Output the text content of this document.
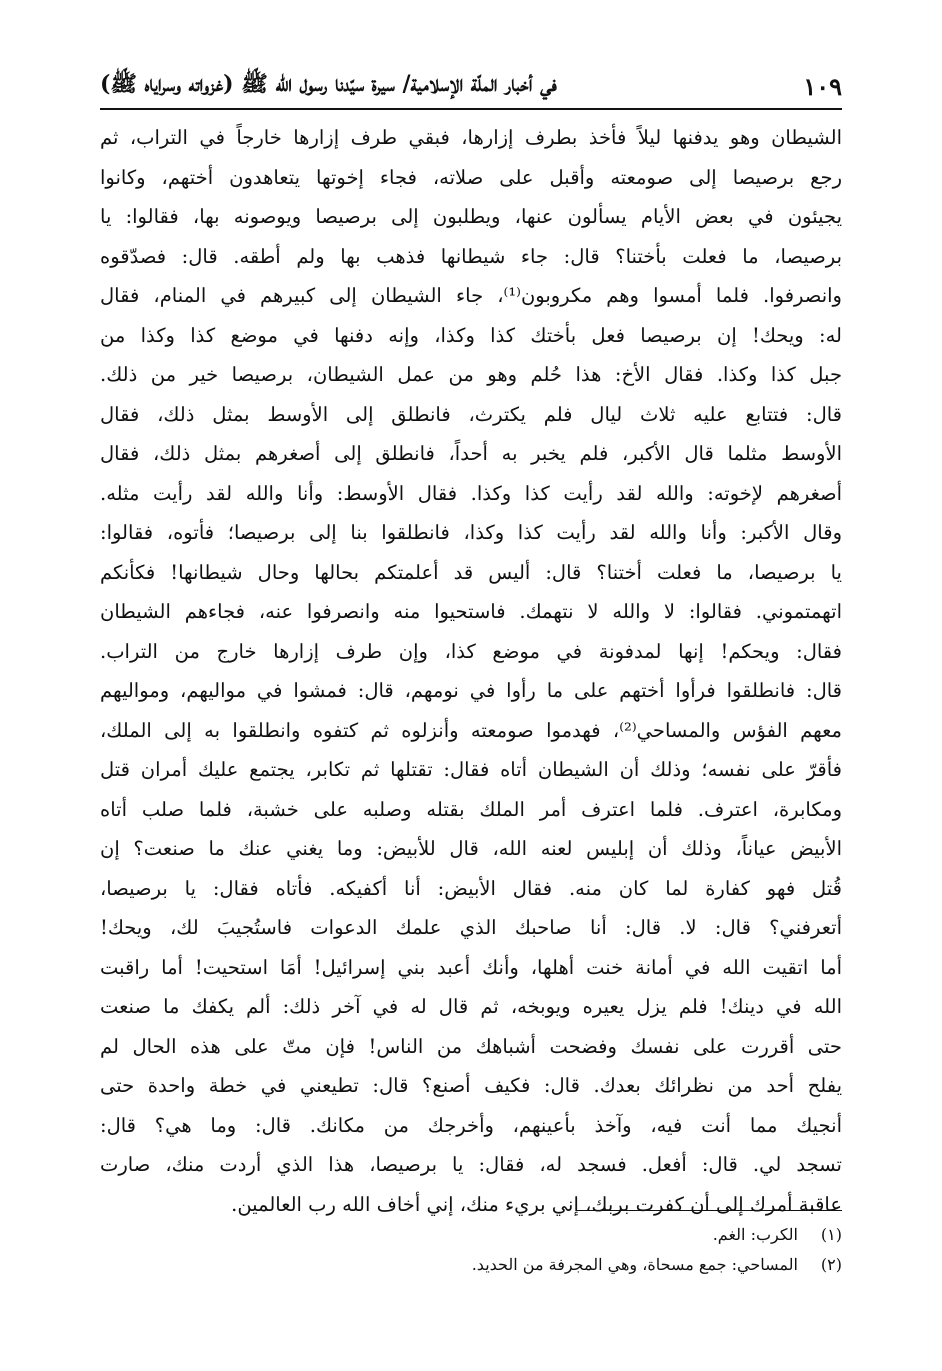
في أخبار الملّة الإسلامية/ سيرة سيّدنا رسول الله ﷺ (غزواته وسراياه ﷺ)	١٠٩
الشيطان وهو يدفنها ليلاً فأخذ بطرف إزارها، فبقي طرف إزارها خارجاً في التراب، ثم
رجع برصيصا إلى صومعته وأقبل على صلاته، فجاء إخوتها يتعاهدون أختهم، وكانوا
يجيئون في بعض الأيام يسألون عنها، ويطلبون إلى برصيصا ويوصونه بها، فقالوا: يا
برصيصا، ما فعلت بأختنا؟ قال: جاء شيطانها فذهب بها ولم أطقه. قال: فصدّقوه
وانصرفوا. فلما أمسوا وهم مكروبون⁽¹⁾، جاء الشيطان إلى كبيرهم في المنام، فقال
له: ويحك! إن برصيصا فعل بأختك كذا وكذا، وإنه دفنها في موضع كذا وكذا من
جبل كذا وكذا. فقال الأخ: هذا حُلم وهو من عمل الشيطان، برصيصا خير من ذلك.
قال: فتتابع عليه ثلاث ليال فلم يكترث، فانطلق إلى الأوسط بمثل ذلك، فقال
الأوسط مثلما قال الأكبر، فلم يخبر به أحداً، فانطلق إلى أصغرهم بمثل ذلك، فقال
أصغرهم لإخوته: والله لقد رأيت كذا وكذا. فقال الأوسط: وأنا والله لقد رأيت مثله.
وقال الأكبر: وأنا والله لقد رأيت كذا وكذا، فانطلقوا بنا إلى برصيصا؛ فأتوه، فقالوا:
يا برصيصا، ما فعلت أختنا؟ قال: أليس قد أعلمتكم بحالها وحال شيطانها! فكأنكم
اتهمتموني. فقالوا: لا والله لا نتهمك. فاستحيوا منه وانصرفوا عنه، فجاءهم الشيطان
فقال: ويحكم! إنها لمدفونة في موضع كذا، وإن طرف إزارها خارج من التراب.
قال: فانطلقوا فرأوا أختهم على ما رأوا في نومهم، قال: فمشوا في مواليهم، ومواليهم
معهم الفؤس والمساحي⁽²⁾، فهدموا صومعته وأنزلوه ثم كتفوه وانطلقوا به إلى الملك،
فأقرّ على نفسه؛ وذلك أن الشيطان أتاه فقال: تقتلها ثم تكابر، يجتمع عليك أمران قتل
ومكابرة، اعترف. فلما اعترف أمر الملك بقتله وصلبه على خشبة، فلما صلب أتاه
الأبيض عياناً، وذلك أن إبليس لعنه الله، قال للأبيض: وما يغني عنك ما صنعت؟ إن
قُتل فهو كفارة لما كان منه. فقال الأبيض: أنا أكفيكه. فأتاه فقال: يا برصيصا،
أتعرفني؟ قال: لا. قال: أنا صاحبك الذي علمك الدعوات فاستُجيبَ لك، ويحك!
أما اتقيت الله في أمانة خنت أهلها، وأنك أعبد بني إسرائيل! أمَا استحيت! أما راقبت
الله في دينك! فلم يزل يعيره ويوبخه، ثم قال له في آخر ذلك: ألم يكفك ما صنعت
حتى أقررت على نفسك وفضحت أشباهك من الناس! فإن متّ على هذه الحال لم
يفلح أحد من نظرائك بعدك. قال: فكيف أصنع؟ قال: تطيعني في خطة واحدة حتى
أنجيك مما أنت فيه، وآخذ بأعينهم، وأخرجك من مكانك. قال: وما هي؟ قال:
تسجد لي. قال: أفعل. فسجد له، فقال: يا برصيصا، هذا الذي أردت منك، صارت
عاقبة أمرك إلى أن كفرت بربك، إني بريء منك، إني أخاف الله رب العالمين.
(١)الكرب: الغم.
(٢)المساحي: جمع مسحاة، وهي المجرفة من الحديد.
